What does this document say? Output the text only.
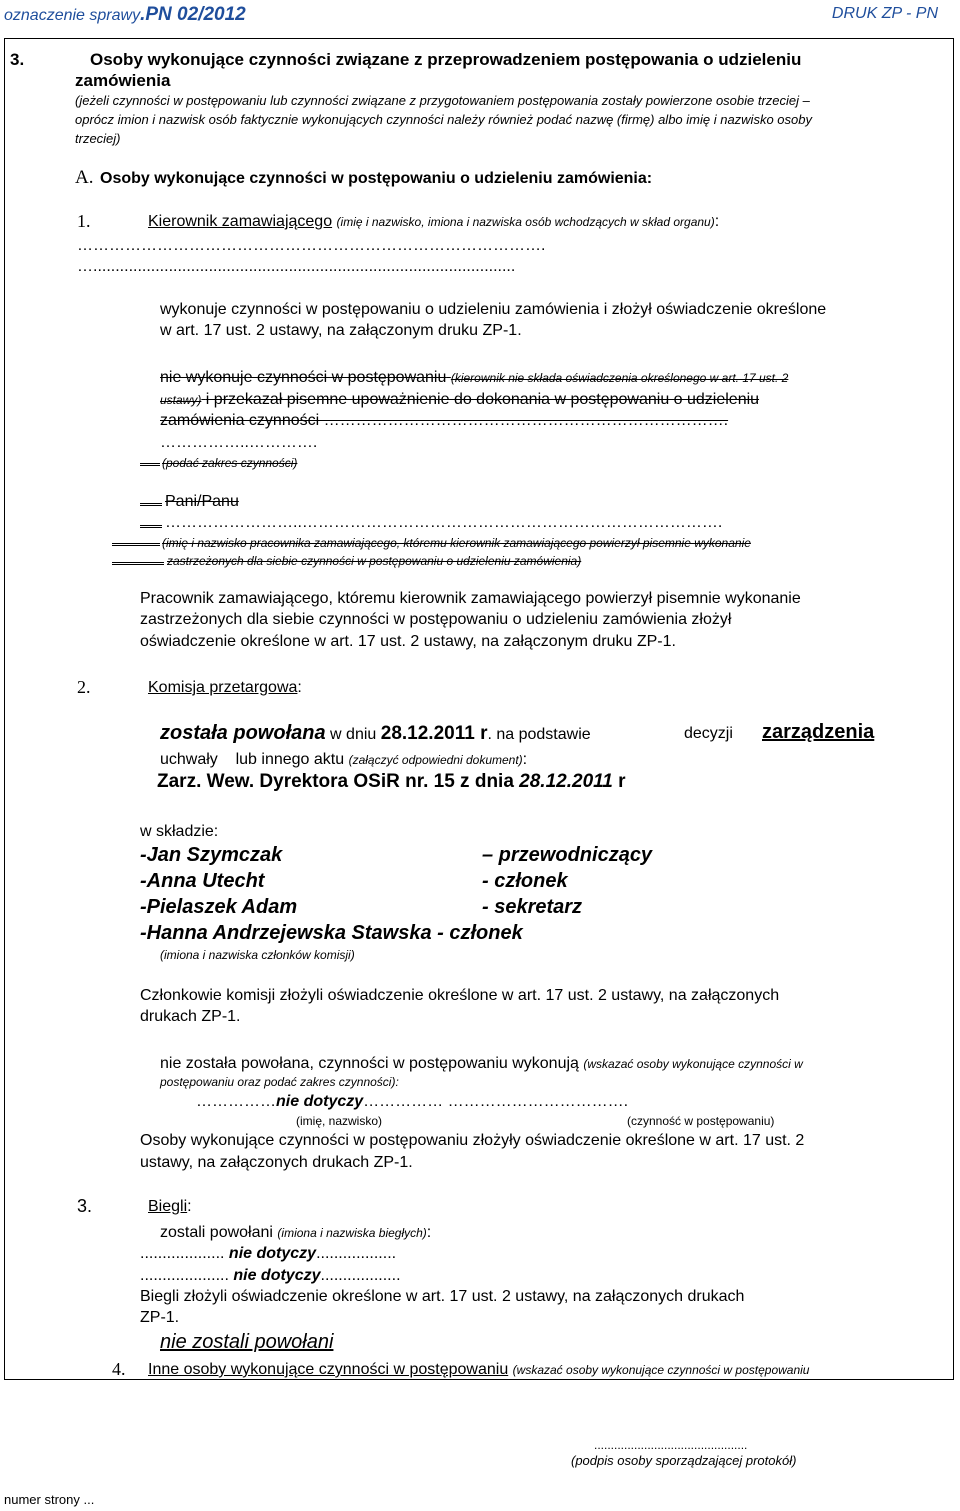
oznaczenie sprawy.PN 02/2012	DRUK ZP - PN
3.	Osoby wykonujące czynności związane z przeprowadzeniem postępowania o udzieleniu
zamówienia
(jeżeli czynności w postępowaniu lub czynności związane z przygotowaniem postępowania zostały powierzone osobie trzeciej –
oprócz imion i nazwisk osób faktycznie wykonujących czynności należy również podać nazwę (firmę) albo imię i nazwisko osoby
trzeciej)
A. Osoby wykonujące czynności w postępowaniu o udzieleniu zamówienia:
1.	Kierownik zamawiającego (imię i nazwisko, imiona i nazwiska osób wchodzących w skład organu):
…………………………………………………………………………….
…...............................................................................................
wykonuje czynności w postępowaniu o udzieleniu zamówienia i złożył oświadczenie określone
w art. 17 ust. 2 ustawy, na załączonym druku ZP-1.
nie wykonuje czynności w postępowaniu (kierownik nie składa oświadczenia określonego w art. 17 ust. 2
ustawy) i przekazał pisemne upoważnienie do dokonania w postępowaniu o udzieleniu
zamówienia czynności ………………………………………………………………….
……………..………….
(podać zakres czynności)
Pani/Panu
……………………..…………………………………………………………………….
(imię i nazwisko pracownika zamawiającego, któremu kierownik zamawiającego powierzył pisemnie wykonanie
zastrzeżonych dla siebie czynności w postępowaniu o udzieleniu zamówienia)
Pracownik zamawiającego, któremu kierownik zamawiającego powierzył pisemnie wykonanie
zastrzeżonych dla siebie czynności w postępowaniu o udzieleniu zamówienia złożył
oświadczenie określone w art. 17 ust. 2 ustawy, na załączonym druku ZP-1.
2.	Komisja przetargowa:
została powołana w dniu 28.12.2011 r. na podstawie	decyzji zarządzenia
uchwały lub innego aktu (załączyć odpowiedni dokument):
Zarz. Wew. Dyrektora OSiR nr. 15 z dnia 28.12.2011 r
w składzie:
-Jan Szymczak	– przewodniczący
-Anna Utecht	- członek
-Pielaszek Adam	- sekretarz
-Hanna Andrzejewska Stawska - członek
(imiona i nazwiska członków komisji)
Członkowie komisji złożyli oświadczenie określone w art. 17 ust. 2 ustawy, na załączonych
drukach ZP-1.
nie została powołana, czynności w postępowaniu wykonują (wskazać osoby wykonujące czynności w
postępowaniu oraz podać zakres czynności):
……………nie dotyczy…………… …………………………….
(imię, nazwisko)	(czynność w postępowaniu)
Osoby wykonujące czynności w postępowaniu złożyły oświadczenie określone w art. 17 ust. 2
ustawy, na załączonych drukach ZP-1.
3.	Biegli:
zostali powołani (imiona i nazwiska biegłych):
................... nie dotyczy..................
.................... nie dotyczy..................
Biegli złożyli oświadczenie określone w art. 17 ust. 2 ustawy, na załączonych drukach
ZP-1.
nie zostali powołani
4. Inne osoby wykonujące czynności w postępowaniu (wskazać osoby wykonujące czynności w postępowaniu
..............................................
(podpis osoby sporządzającej protokół)
numer strony ...
